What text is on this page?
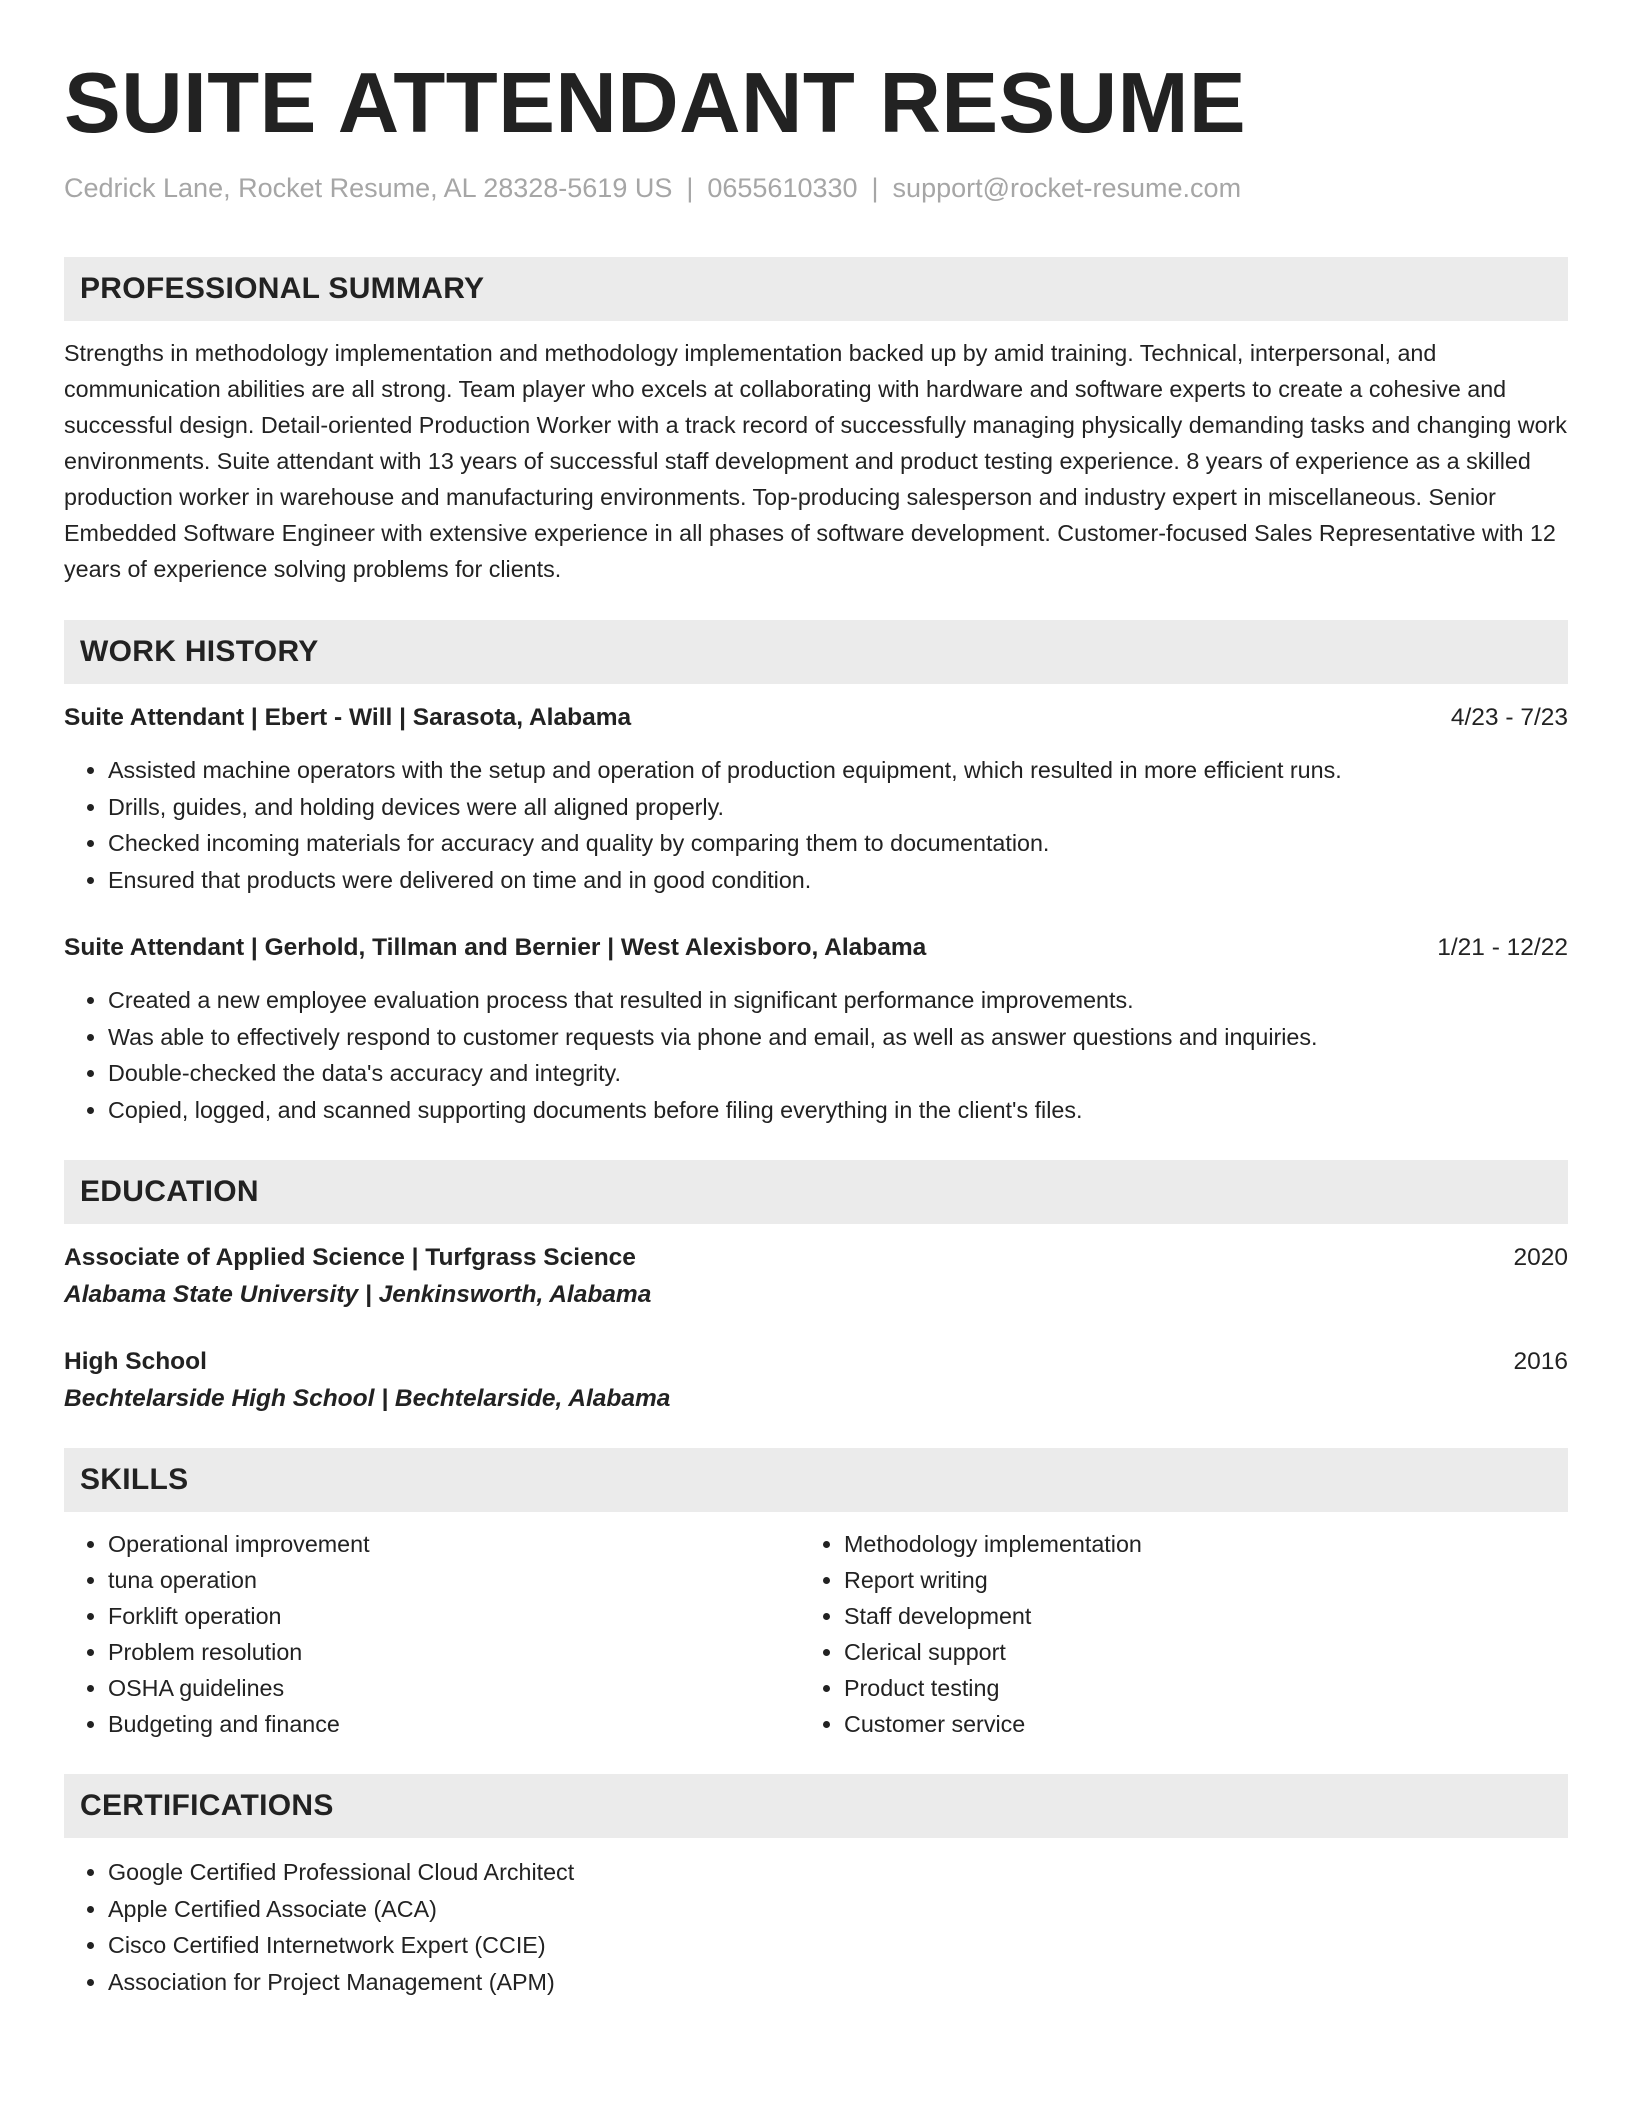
SUITE ATTENDANT RESUME
Cedrick Lane, Rocket Resume, AL 28328-5619 US | 0655610330 | support@rocket-resume.com
PROFESSIONAL SUMMARY
Strengths in methodology implementation and methodology implementation backed up by amid training. Technical, interpersonal, and communication abilities are all strong. Team player who excels at collaborating with hardware and software experts to create a cohesive and successful design. Detail-oriented Production Worker with a track record of successfully managing physically demanding tasks and changing work environments. Suite attendant with 13 years of successful staff development and product testing experience. 8 years of experience as a skilled production worker in warehouse and manufacturing environments. Top-producing salesperson and industry expert in miscellaneous. Senior Embedded Software Engineer with extensive experience in all phases of software development. Customer-focused Sales Representative with 12 years of experience solving problems for clients.
WORK HISTORY
Suite Attendant | Ebert - Will | Sarasota, Alabama	4/23 - 7/23
• Assisted machine operators with the setup and operation of production equipment, which resulted in more efficient runs.
• Drills, guides, and holding devices were all aligned properly.
• Checked incoming materials for accuracy and quality by comparing them to documentation.
• Ensured that products were delivered on time and in good condition.
Suite Attendant | Gerhold, Tillman and Bernier | West Alexisboro, Alabama	1/21 - 12/22
• Created a new employee evaluation process that resulted in significant performance improvements.
• Was able to effectively respond to customer requests via phone and email, as well as answer questions and inquiries.
• Double-checked the data's accuracy and integrity.
• Copied, logged, and scanned supporting documents before filing everything in the client's files.
EDUCATION
Associate of Applied Science | Turfgrass Science	2020
Alabama State University | Jenkinsworth, Alabama
High School	2016
Bechtelarside High School | Bechtelarside, Alabama
SKILLS
• Operational improvement
• tuna operation
• Forklift operation
• Problem resolution
• OSHA guidelines
• Budgeting and finance
• Methodology implementation
• Report writing
• Staff development
• Clerical support
• Product testing
• Customer service
CERTIFICATIONS
• Google Certified Professional Cloud Architect
• Apple Certified Associate (ACA)
• Cisco Certified Internetwork Expert (CCIE)
• Association for Project Management (APM)
